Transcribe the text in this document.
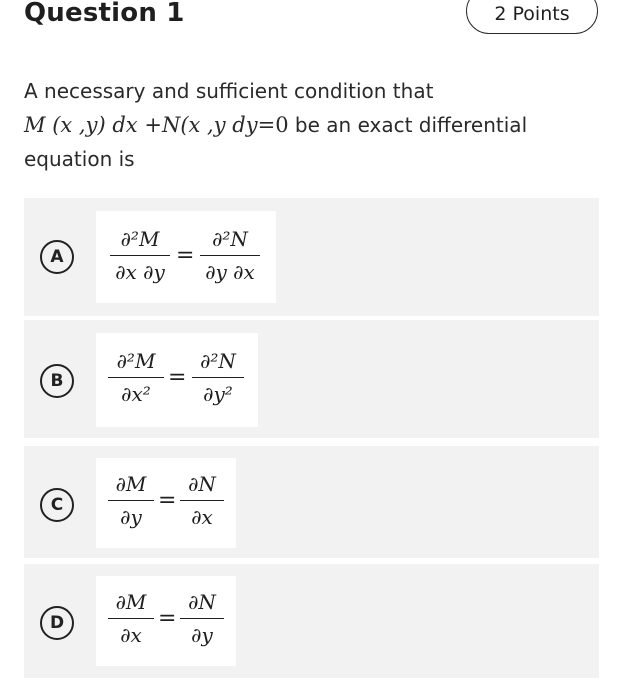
Question 1	2 Points
A necessary and sufficient condition that
M (x ,y) dx +N(x ,y dy=0 be an exact differential
equation is
A
∂²M
∂x ∂y
=
∂²N
∂y ∂x
B
∂²M
∂x²
=
∂²N
∂y²
C
∂M
∂y
=
∂N
∂x
D
∂M
∂x
=
∂N
∂y
